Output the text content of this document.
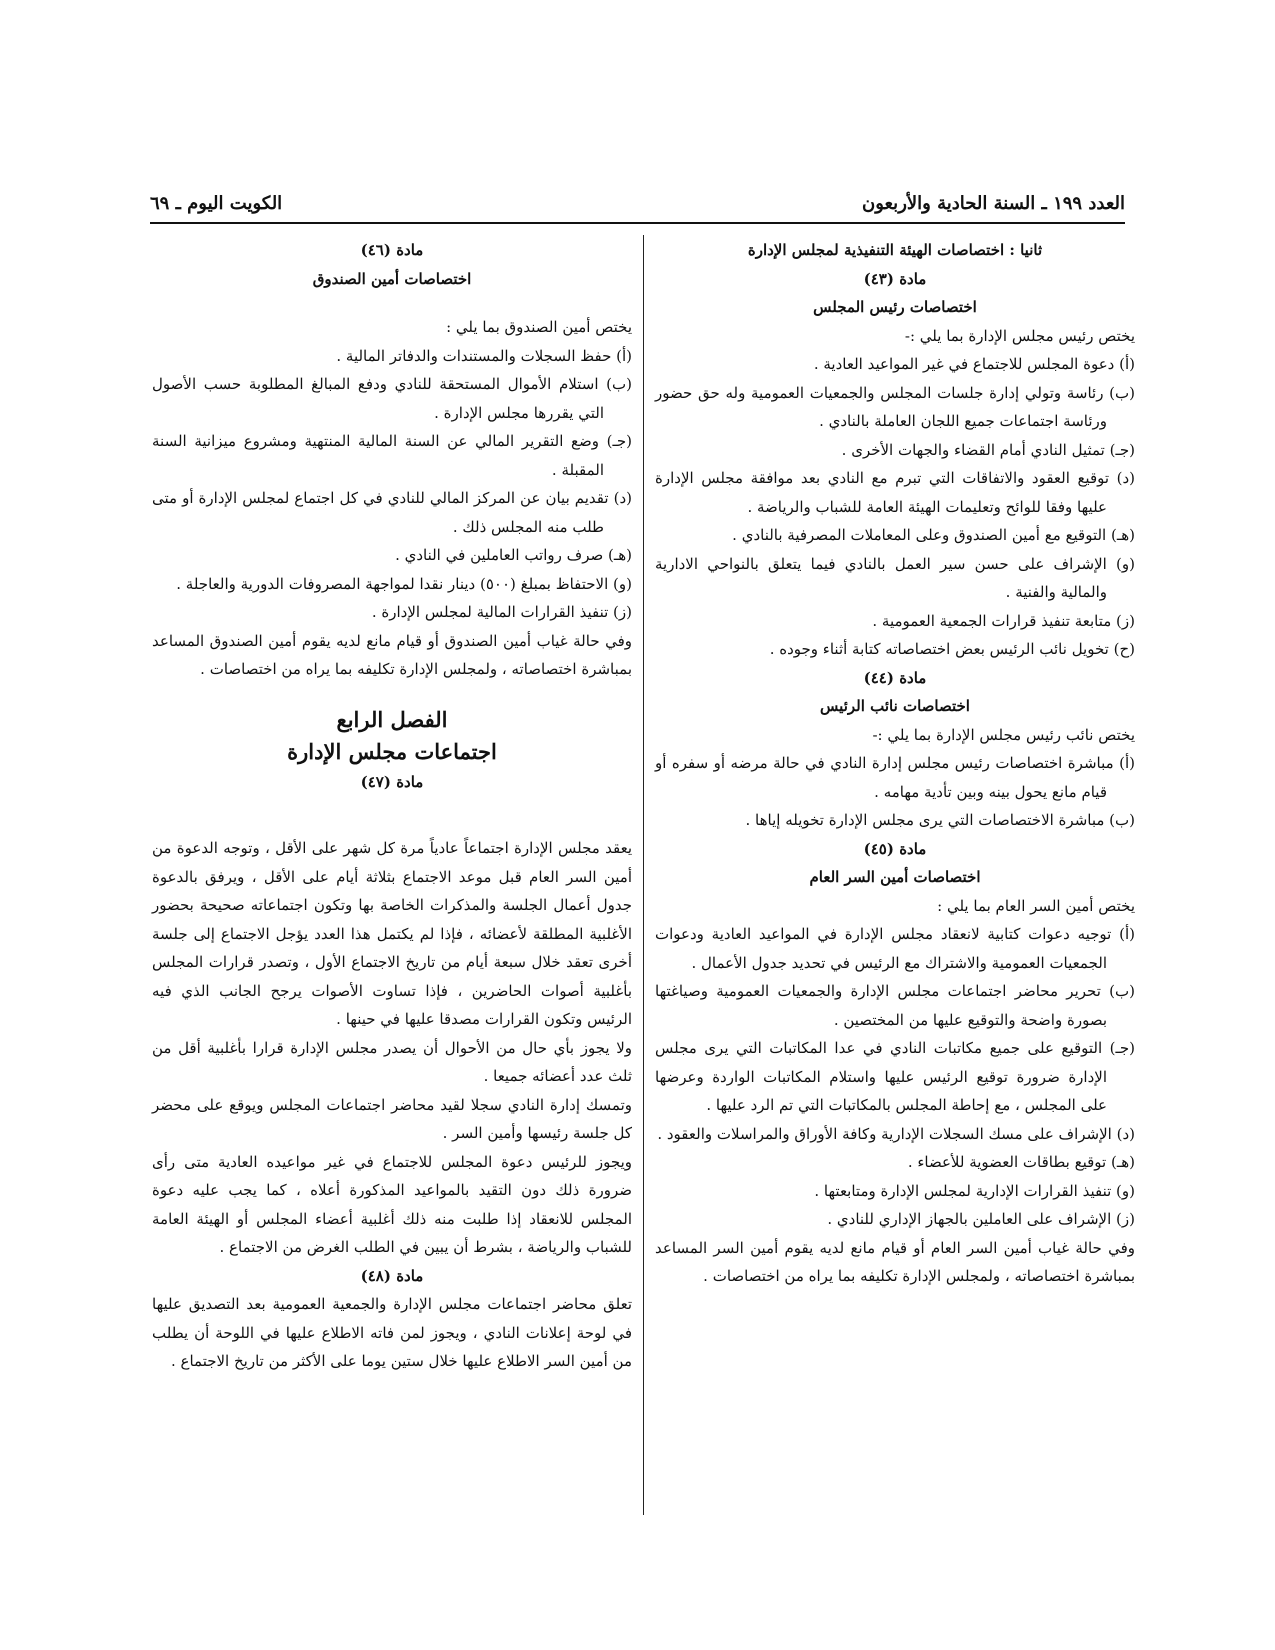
العدد ١٩٩ ـ السنة الحادية والأربعون
الكويت اليوم ـ ٦٩

ثانيا : اختصاصات الهيئة التنفيذية لمجلس الإدارة

مادة (٤٣)

اختصاصات رئيس المجلس

يختص رئيس مجلس الإدارة بما يلي :-

(أ) دعوة المجلس للاجتماع في غير المواعيد العادية .

(ب) رئاسة وتولي إدارة جلسات المجلس والجمعيات العمومية وله حق حضور ورئاسة اجتماعات جميع اللجان العاملة بالنادي .

(جـ) تمثيل النادي أمام القضاء والجهات الأخرى .

(د) توقيع العقود والاتفاقات التي تبرم مع النادي بعد موافقة مجلس الإدارة عليها وفقا للوائح وتعليمات الهيئة العامة للشباب والرياضة .

(هـ) التوقيع مع أمين الصندوق وعلى المعاملات المصرفية بالنادي .

(و) الإشراف على حسن سير العمل بالنادي فيما يتعلق بالنواحي الادارية والمالية والفنية .

(ز) متابعة تنفيذ قرارات الجمعية العمومية .

(ح) تخويل نائب الرئيس بعض اختصاصاته كتابة أثناء وجوده .

مادة (٤٤)

اختصاصات نائب الرئيس

يختص نائب رئيس مجلس الإدارة بما يلي :-

(أ) مباشرة اختصاصات رئيس مجلس إدارة النادي في حالة مرضه أو سفره أو قيام مانع يحول بينه وبين تأدية مهامه .

(ب) مباشرة الاختصاصات التي يرى مجلس الإدارة تخويله إياها .

مادة (٤٥)

اختصاصات أمين السر العام

يختص أمين السر العام بما يلي :

(أ) توجيه دعوات كتابية لانعقاد مجلس الإدارة في المواعيد العادية ودعوات الجمعيات العمومية والاشتراك مع الرئيس في تحديد جدول الأعمال .

(ب) تحرير محاضر اجتماعات مجلس الإدارة والجمعيات العمومية وصياغتها بصورة واضحة والتوقيع عليها من المختصين .

(جـ) التوقيع على جميع مكاتبات النادي في عدا المكاتبات التي يرى مجلس الإدارة ضرورة توقيع الرئيس عليها واستلام المكاتبات الواردة وعرضها على المجلس ، مع إحاطة المجلس بالمكاتبات التي تم الرد عليها .

(د) الإشراف على مسك السجلات الإدارية وكافة الأوراق والمراسلات والعقود .

(هـ) توقيع بطاقات العضوية للأعضاء .

(و) تنفيذ القرارات الإدارية لمجلس الإدارة ومتابعتها .

(ز) الإشراف على العاملين بالجهاز الإداري للنادي .

وفي حالة غياب أمين السر العام أو قيام مانع لديه يقوم أمين السر المساعد بمباشرة اختصاصاته ، ولمجلس الإدارة تكليفه بما يراه من اختصاصات .

مادة (٤٦)

اختصاصات أمين الصندوق

يختص أمين الصندوق بما يلي :

(أ) حفظ السجلات والمستندات والدفاتر المالية .

(ب) استلام الأموال المستحقة للنادي ودفع المبالغ المطلوبة حسب الأصول التي يقررها مجلس الإدارة .

(جـ) وضع التقرير المالي عن السنة المالية المنتهية ومشروع ميزانية السنة المقبلة .

(د) تقديم بيان عن المركز المالي للنادي في كل اجتماع لمجلس الإدارة أو متى طلب منه المجلس ذلك .

(هـ) صرف رواتب العاملين في النادي .

(و) الاحتفاظ بمبلغ (٥٠٠) دينار نقدا لمواجهة المصروفات الدورية والعاجلة .

(ز) تنفيذ القرارات المالية لمجلس الإدارة .

وفي حالة غياب أمين الصندوق أو قيام مانع لديه يقوم أمين الصندوق المساعد بمباشرة اختصاصاته ، ولمجلس الإدارة تكليفه بما يراه من اختصاصات .

الفصل الرابع

اجتماعات مجلس الإدارة

مادة (٤٧)

يعقد مجلس الإدارة اجتماعاً عادياً مرة كل شهر على الأقل ، وتوجه الدعوة من أمين السر العام قبل موعد الاجتماع بثلاثة أيام على الأقل ، ويرفق بالدعوة جدول أعمال الجلسة والمذكرات الخاصة بها وتكون اجتماعاته صحيحة بحضور الأغلبية المطلقة لأعضائه ، فإذا لم يكتمل هذا العدد يؤجل الاجتماع إلى جلسة أخرى تعقد خلال سبعة أيام من تاريخ الاجتماع الأول ، وتصدر قرارات المجلس بأغلبية أصوات الحاضرين ، فإذا تساوت الأصوات يرجح الجانب الذي فيه الرئيس وتكون القرارات مصدقا عليها في حينها .

ولا يجوز بأي حال من الأحوال أن يصدر مجلس الإدارة قرارا بأغلبية أقل من ثلث عدد أعضائه جميعا .

وتمسك إدارة النادي سجلا لقيد محاضر اجتماعات المجلس ويوقع على محضر كل جلسة رئيسها وأمين السر .

ويجوز للرئيس دعوة المجلس للاجتماع في غير مواعيده العادية متى رأى ضرورة ذلك دون التقيد بالمواعيد المذكورة أعلاه ، كما يجب عليه دعوة المجلس للانعقاد إذا طلبت منه ذلك أغلبية أعضاء المجلس أو الهيئة العامة للشباب والرياضة ، بشرط أن يبين في الطلب الغرض من الاجتماع .

مادة (٤٨)

تعلق محاضر اجتماعات مجلس الإدارة والجمعية العمومية بعد التصديق عليها في لوحة إعلانات النادي ، ويجوز لمن فاته الاطلاع عليها في اللوحة أن يطلب من أمين السر الاطلاع عليها خلال ستين يوما على الأكثر من تاريخ الاجتماع .
